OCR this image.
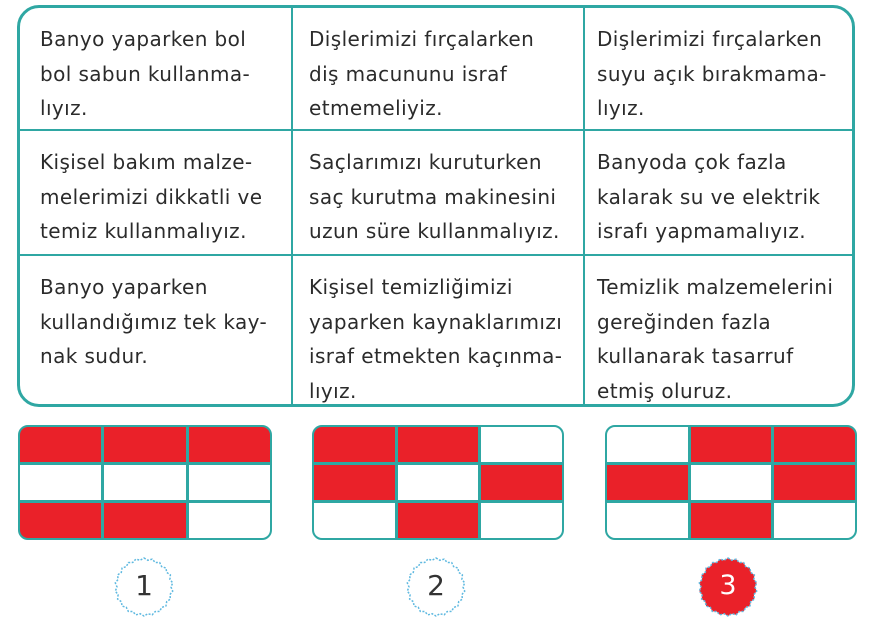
Banyo yaparken bol
bol sabun kullanma-
lıyız.
Dişlerimizi fırçalarken
diş macununu israf
etmemeliyiz.
Dişlerimizi fırçalarken
suyu açık bırakmama-
lıyız.
Kişisel bakım malze-
melerimizi dikkatli ve
temiz kullanmalıyız.
Saçlarımızı kuruturken
saç kurutma makinesini
uzun süre kullanmalıyız.
Banyoda çok fazla
kalarak su ve elektrik
israfı yapmamalıyız.
Banyo yaparken
kullandığımız tek kay-
nak sudur.
Kişisel temizliğimizi
yaparken kaynaklarımızı
israf etmekten kaçınma-
lıyız.
Temizlik malzemelerini
gereğinden fazla
kullanarak tasarruf
etmiş oluruz.
1	2	3
